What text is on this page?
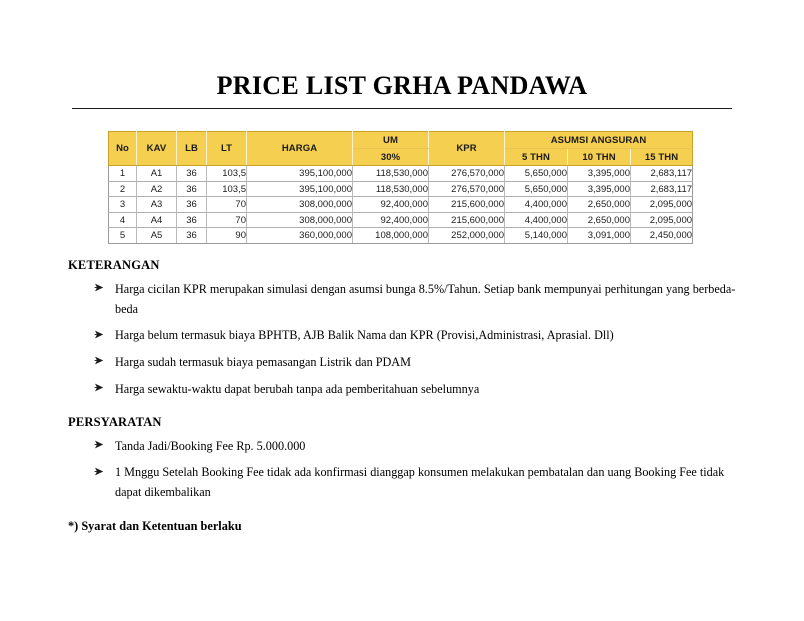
PRICE LIST GRHA PANDAWA
No	KAV	LB	LT	HARGA	UM	KPR	ASUMSI ANGSURAN		
					30%		5 THN	10 THN	15 THN
1	A1	36	103,5	395,100,000	118,530,000	276,570,000	5,650,000	3,395,000	2,683,117
2	A2	36	103,5	395,100,000	118,530,000	276,570,000	5,650,000	3,395,000	2,683,117
3	A3	36	70	308,000,000	92,400,000	215,600,000	4,400,000	2,650,000	2,095,000
4	A4	36	70	308,000,000	92,400,000	215,600,000	4,400,000	2,650,000	2,095,000
5	A5	36	90	360,000,000	108,000,000	252,000,000	5,140,000	3,091,000	2,450,000
KETERANGAN
Harga cicilan KPR merupakan simulasi dengan asumsi bunga 8.5%/Tahun. Setiap bank mempunyai perhitungan yang berbeda-beda
Harga belum termasuk biaya BPHTB, AJB Balik Nama dan KPR (Provisi,Administrasi, Aprasial. Dll)
Harga sudah termasuk biaya pemasangan Listrik dan PDAM
Harga sewaktu-waktu dapat berubah tanpa ada pemberitahuan sebelumnya
PERSYARATAN
Tanda Jadi/Booking Fee Rp. 5.000.000
1 Mnggu Setelah Booking Fee tidak ada konfirmasi dianggap konsumen melakukan pembatalan dan uang Booking Fee tidak dapat dikembalikan
*) Syarat dan Ketentuan berlaku
